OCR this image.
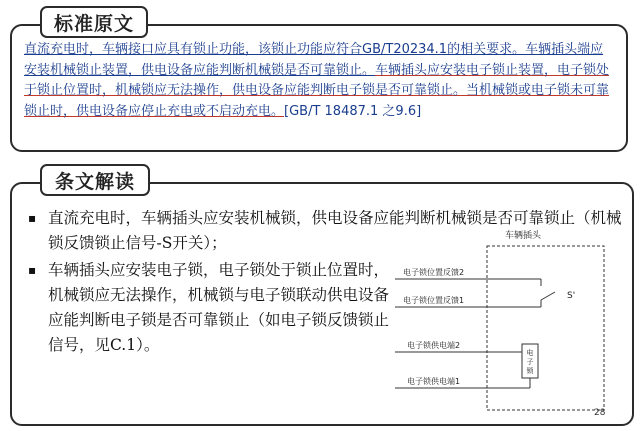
标准原文

直流充电时，车辆接口应具有锁止功能，该锁止功能应符合GB/T20234.1的相关要求。车辆插头端应安装机械锁止装置，供电设备应能判断机械锁是否可靠锁止。车辆插头应安装电子锁止装置，电子锁处于锁止位置时，机械锁应无法操作，供电设备应能判断电子锁是否可靠锁止。当机械锁或电子锁未可靠锁止时，供电设备应停止充电或不启动充电。[GB/T 18487.1 之9.6]

条文解读

▪ 直流充电时，车辆插头应安装机械锁，供电设备应能判断机械锁是否可靠锁止（机械锁反馈锁止信号-S开关）；

▪ 车辆插头应安装电子锁，电子锁处于锁止位置时，机械锁应无法操作，机械锁与电子锁联动供电设备应能判断电子锁是否可靠锁止（如电子锁反馈锁止信号，见C.1）。

车辆插头
电子锁位置反馈2
电子锁位置反馈1	S'
电子锁供电端2
电子锁供电端1
电
子
锁
28
